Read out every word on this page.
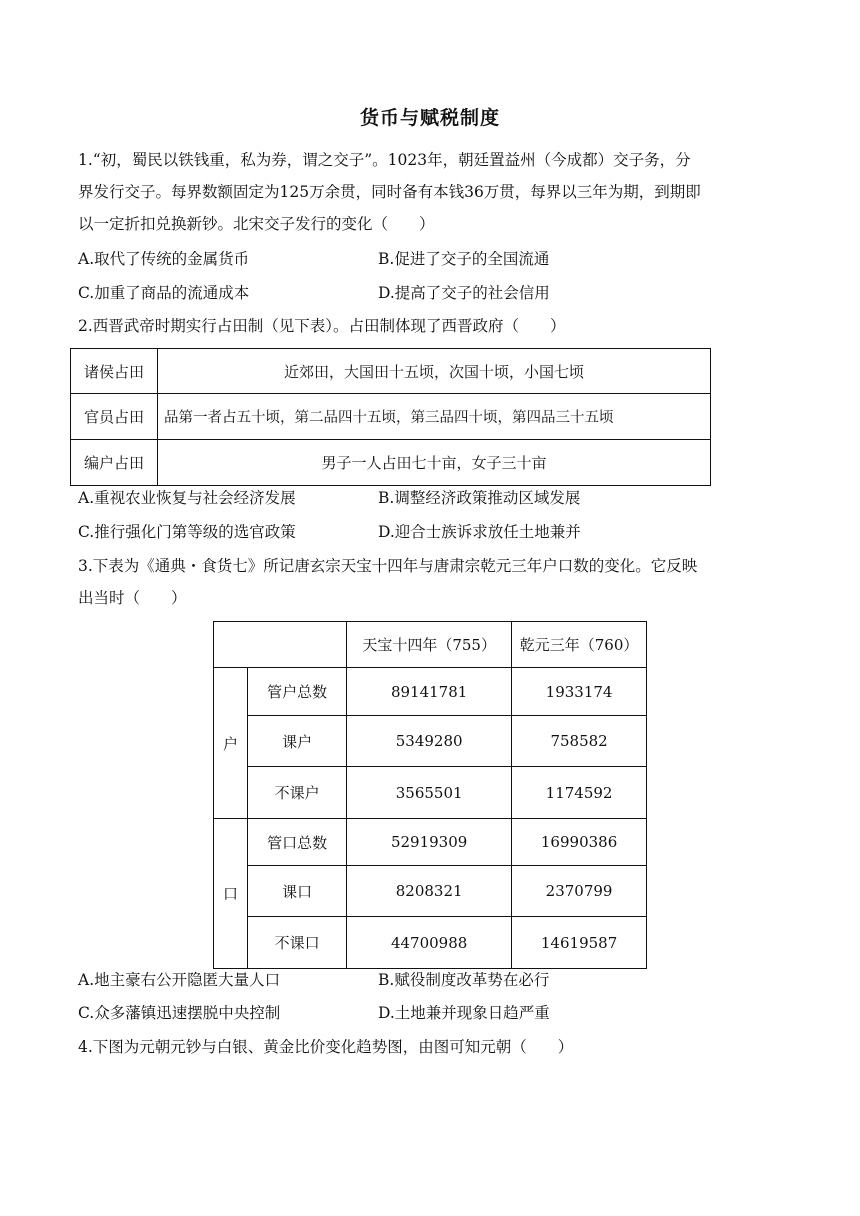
货币与赋税制度
1.“初，蜀民以铁钱重，私为券，谓之交子”。1023年，朝廷置益州（今成都）交子务，分
界发行交子。每界数额固定为125万余贯，同时备有本钱36万贯，每界以三年为期，到期即
以一定折扣兑换新钞。北宋交子发行的变化（　　）
A.取代了传统的金属货币	B.促进了交子的全国流通
C.加重了商品的流通成本	D.提高了交子的社会信用
2.西晋武帝时期实行占田制（见下表）。占田制体现了西晋政府（　　）
诸侯占田	近郊田，大国田十五顷，次国十顷，小国七顷
官员占田	品第一者占五十顷，第二品四十五顷，第三品四十顷，第四品三十五顷
编户占田	男子一人占田七十亩，女子三十亩
A.重视农业恢复与社会经济发展	B.调整经济政策推动区域发展
C.推行强化门第等级的选官政策	D.迎合士族诉求放任土地兼并
3.下表为《通典・食货七》所记唐玄宗天宝十四年与唐肃宗乾元三年户口数的变化。它反映
出当时（　　）
		天宝十四年（755）	乾元三年（760）
户	管户总数	89141781	1933174
	课户	5349280	758582
	不课户	3565501	1174592
口	管口总数	52919309	16990386
	课口	8208321	2370799
	不课口	44700988	14619587
A.地主豪右公开隐匿大量人口	B.赋役制度改革势在必行
C.众多藩镇迅速摆脱中央控制	D.土地兼并现象日趋严重
4.下图为元朝元钞与白银、黄金比价变化趋势图，由图可知元朝（　　）
